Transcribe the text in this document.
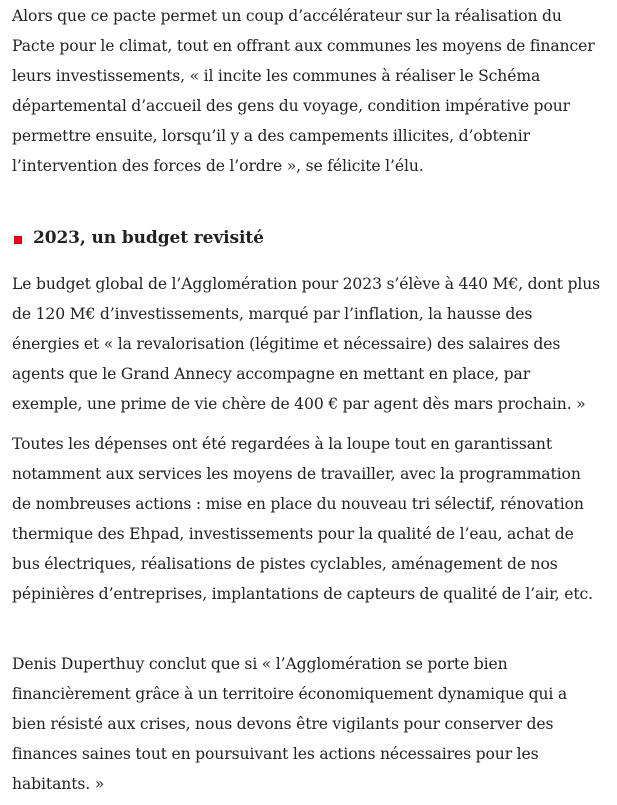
Alors que ce pacte permet un coup d’accélérateur sur la réalisation du Pacte pour le climat, tout en offrant aux communes les moyens de financer leurs investissements, « il incite les communes à réaliser le Schéma départemental d’accueil des gens du voyage, condition impérative pour permettre ensuite, lorsqu’il y a des campements illicites, d’obtenir l’intervention des forces de l’ordre », se félicite l’élu.

2023, un budget revisité

Le budget global de l’Agglomération pour 2023 s’élève à 440 M€, dont plus de 120 M€ d’investissements, marqué par l’inflation, la hausse des énergies et « la revalorisation (légitime et nécessaire) des salaires des agents que le Grand Annecy accompagne en mettant en place, par exemple, une prime de vie chère de 400 € par agent dès mars prochain. »

Toutes les dépenses ont été regardées à la loupe tout en garantissant notamment aux services les moyens de travailler, avec la programmation de nombreuses actions : mise en place du nouveau tri sélectif, rénovation thermique des Ehpad, investissements pour la qualité de l’eau, achat de bus électriques, réalisations de pistes cyclables, aménagement de nos pépinières d’entreprises, implantations de capteurs de qualité de l’air, etc.

Denis Duperthuy conclut que si « l’Agglomération se porte bien financièrement grâce à un territoire économiquement dynamique qui a bien résisté aux crises, nous devons être vigilants pour conserver des finances saines tout en poursuivant les actions nécessaires pour les habitants. »
